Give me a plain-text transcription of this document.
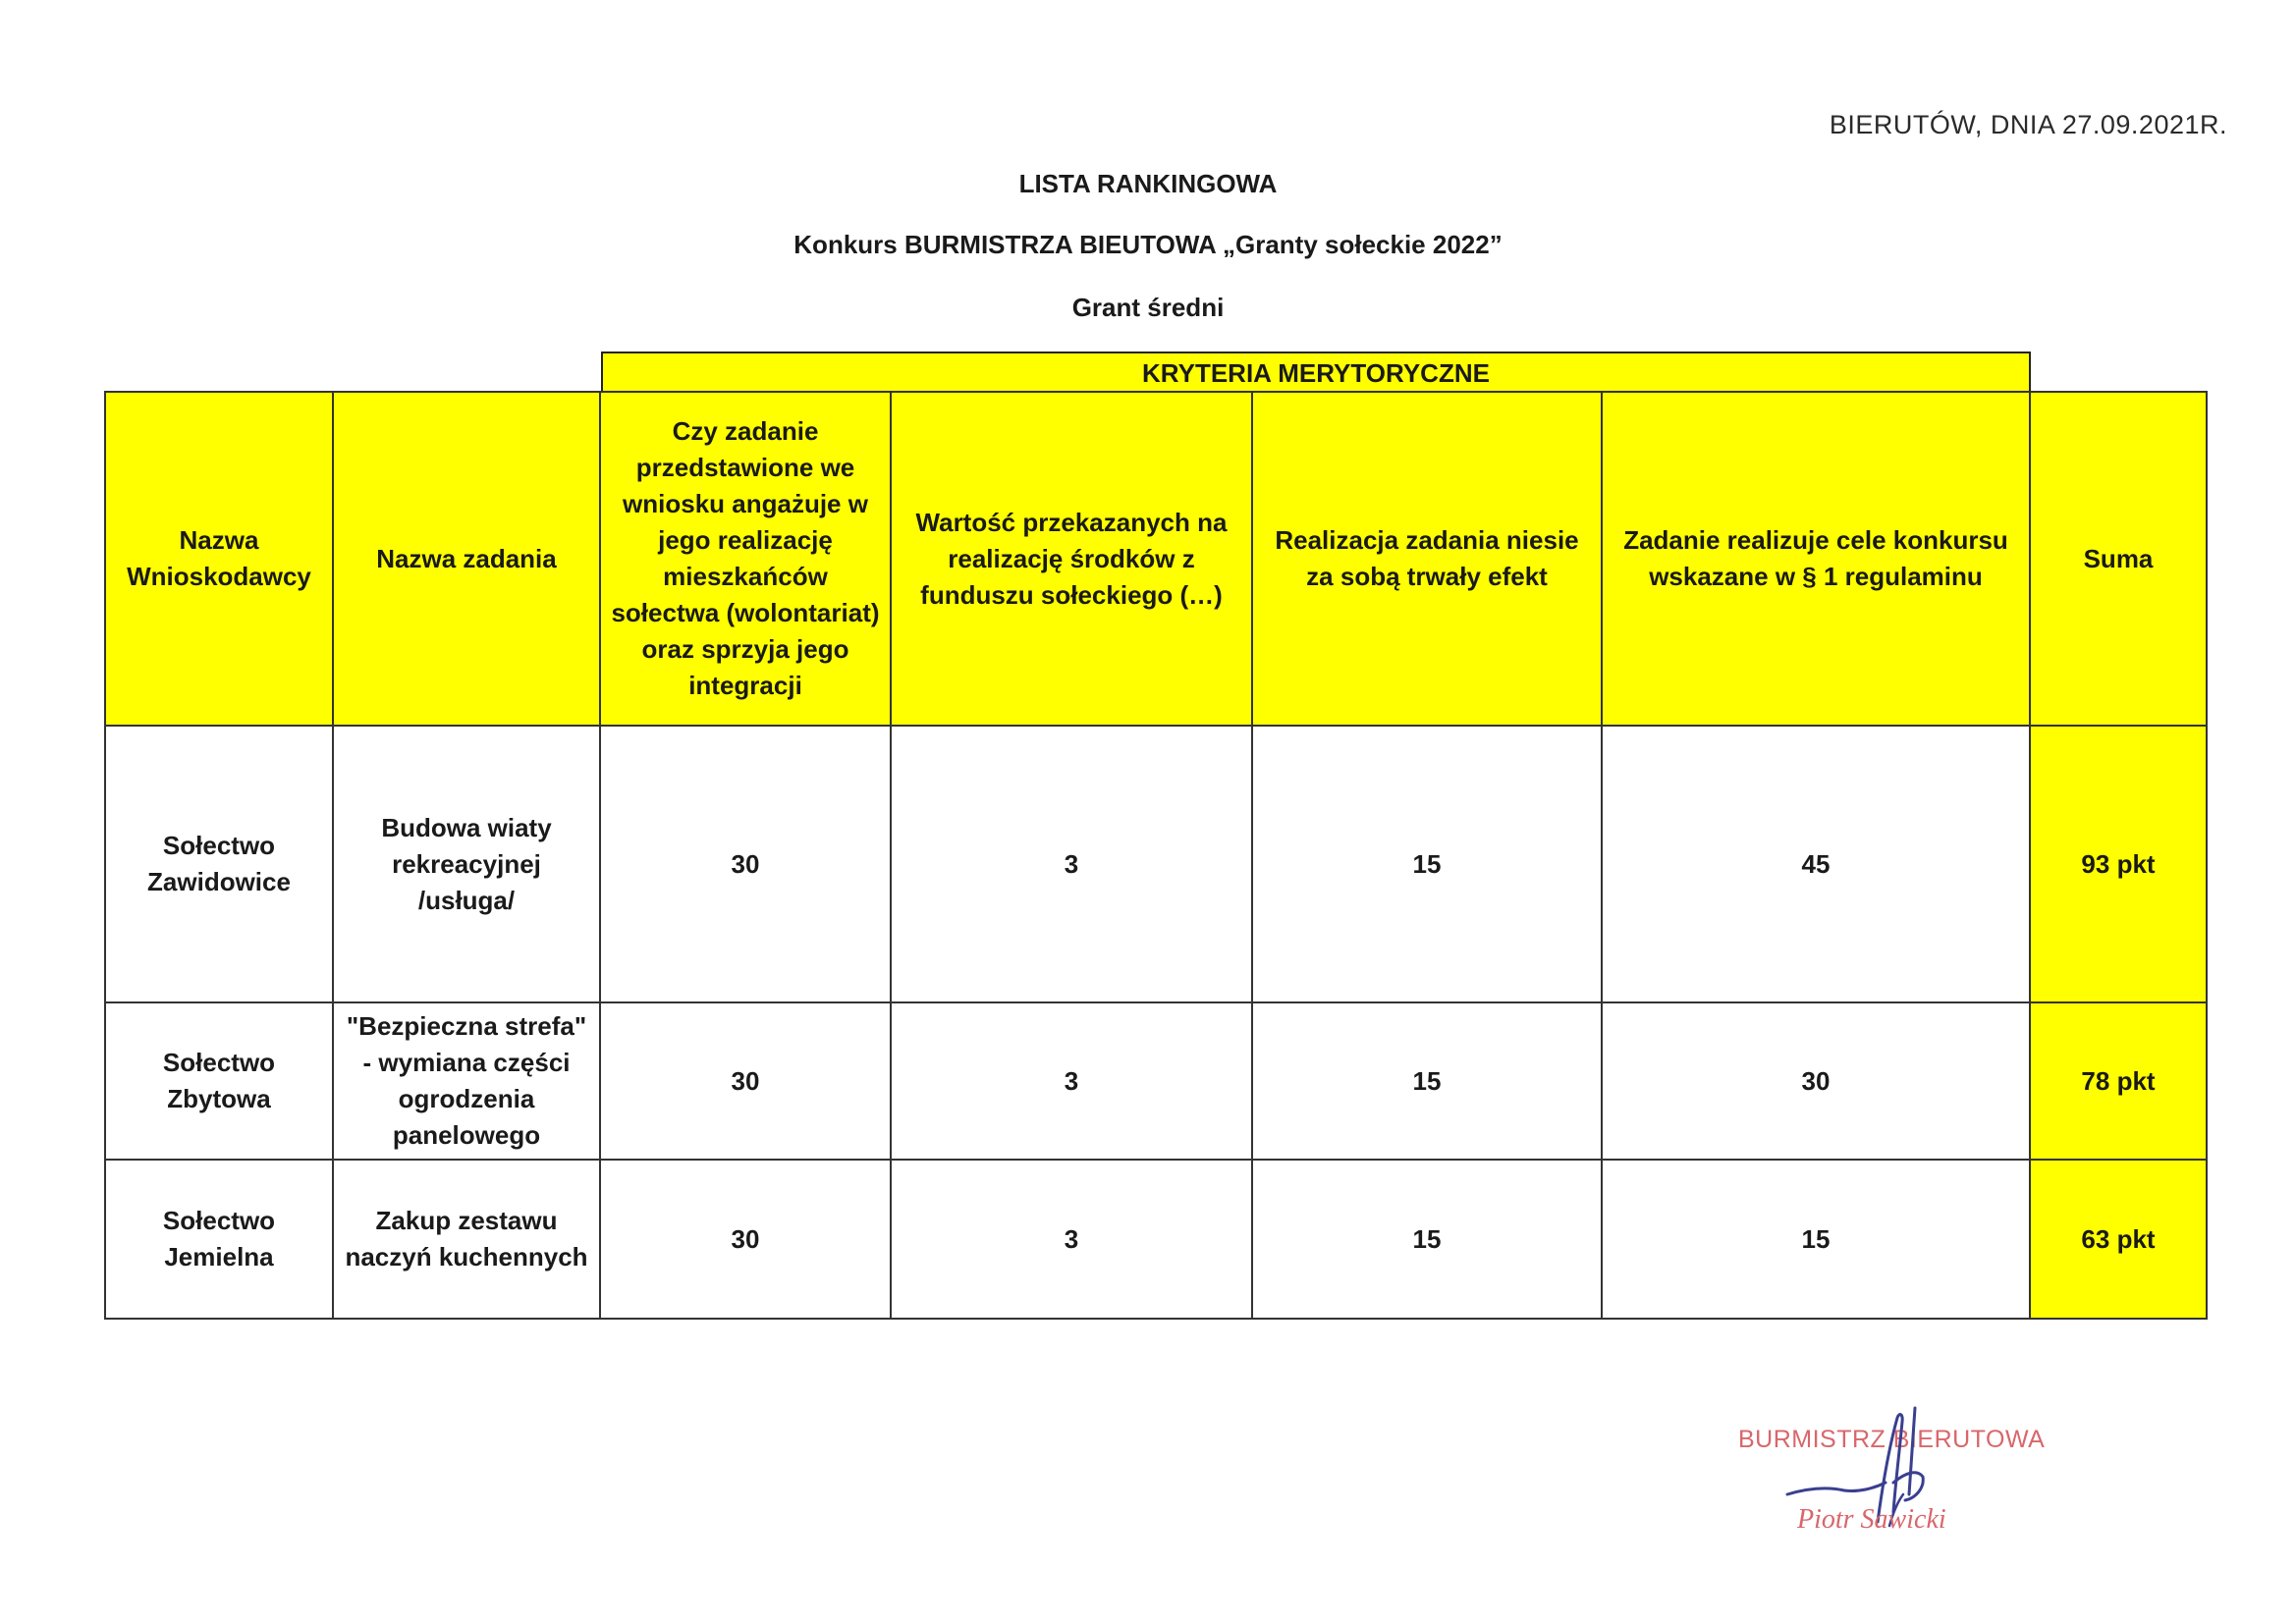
BIERUTÓW, DNIA 27.09.2021R.
LISTA RANKINGOWA
Konkurs BURMISTRZA BIEUTOWA „Granty sołeckie 2022”
Grant średni
KRYTERIA MERYTORYCZNE
Nazwa Wnioskodawcy	Nazwa zadania	Czy zadanie przedstawione we wniosku angażuje w jego realizację mieszkańców sołectwa (wolontariat) oraz sprzyja jego integracji	Wartość przekazanych na realizację środków z funduszu sołeckiego (…)	Realizacja zadania niesie za sobą trwały efekt	Zadanie realizuje cele konkursu wskazane w § 1 regulaminu	Suma
Sołectwo Zawidowice	Budowa wiaty rekreacyjnej /usługa/	30	3	15	45	93 pkt
Sołectwo Zbytowa	"Bezpieczna strefa" - wymiana części ogrodzenia panelowego	30	3	15	30	78 pkt
Sołectwo Jemielna	Zakup zestawu naczyń kuchennych	30	3	15	15	63 pkt
BURMISTRZ BIERUTOWA
Piotr Sawicki
